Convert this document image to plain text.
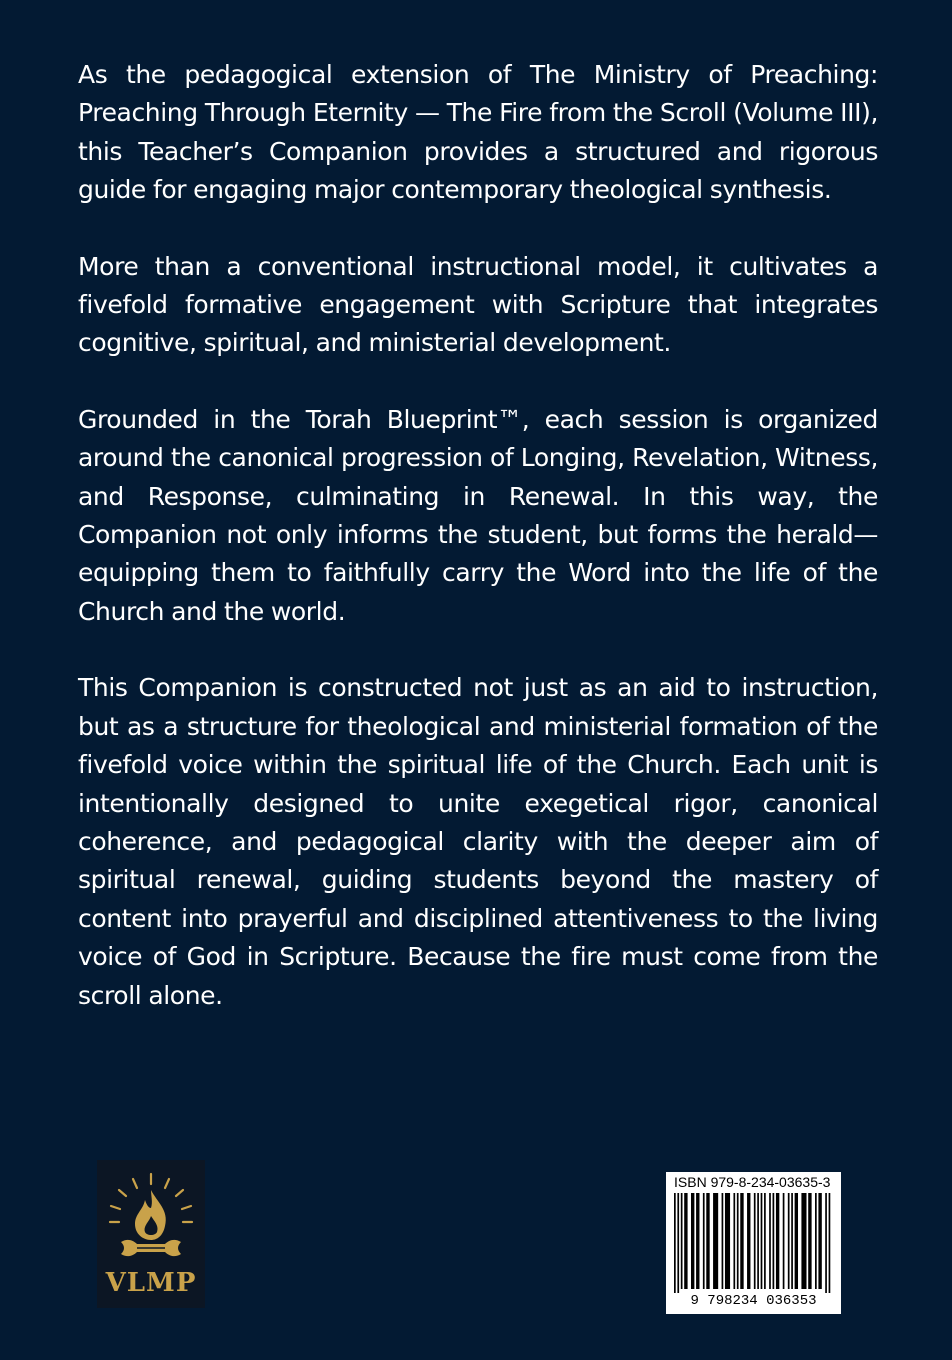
As the pedagogical extension of The Ministry of Preaching: Preaching Through Eternity — The Fire from the Scroll (Volume III), this Teacher’s Companion provides a structured and rigorous guide for engaging major contemporary theological synthesis.

More than a conventional instructional model, it cultivates a fivefold formative engagement with Scripture that integrates cognitive, spiritual, and ministerial development.

Grounded in the Torah Blueprint™, each session is organized around the canonical progression of Longing, Revelation, Witness, and Response, culminating in Renewal. In this way, the Companion not only informs the student, but forms the herald—equipping them to faithfully carry the Word into the life of the Church and the world.

This Companion is constructed not just as an aid to instruction, but as a structure for theological and ministerial formation of the fivefold voice within the spiritual life of the Church. Each unit is intentionally designed to unite exegetical rigor, canonical coherence, and pedagogical clarity with the deeper aim of spiritual renewal, guiding students beyond the mastery of content into prayerful and disciplined attentiveness to the living voice of God in Scripture. Because the fire must come from the scroll alone.

VLMP
ISBN 979-8-234-03635-3
9 798234 036353
